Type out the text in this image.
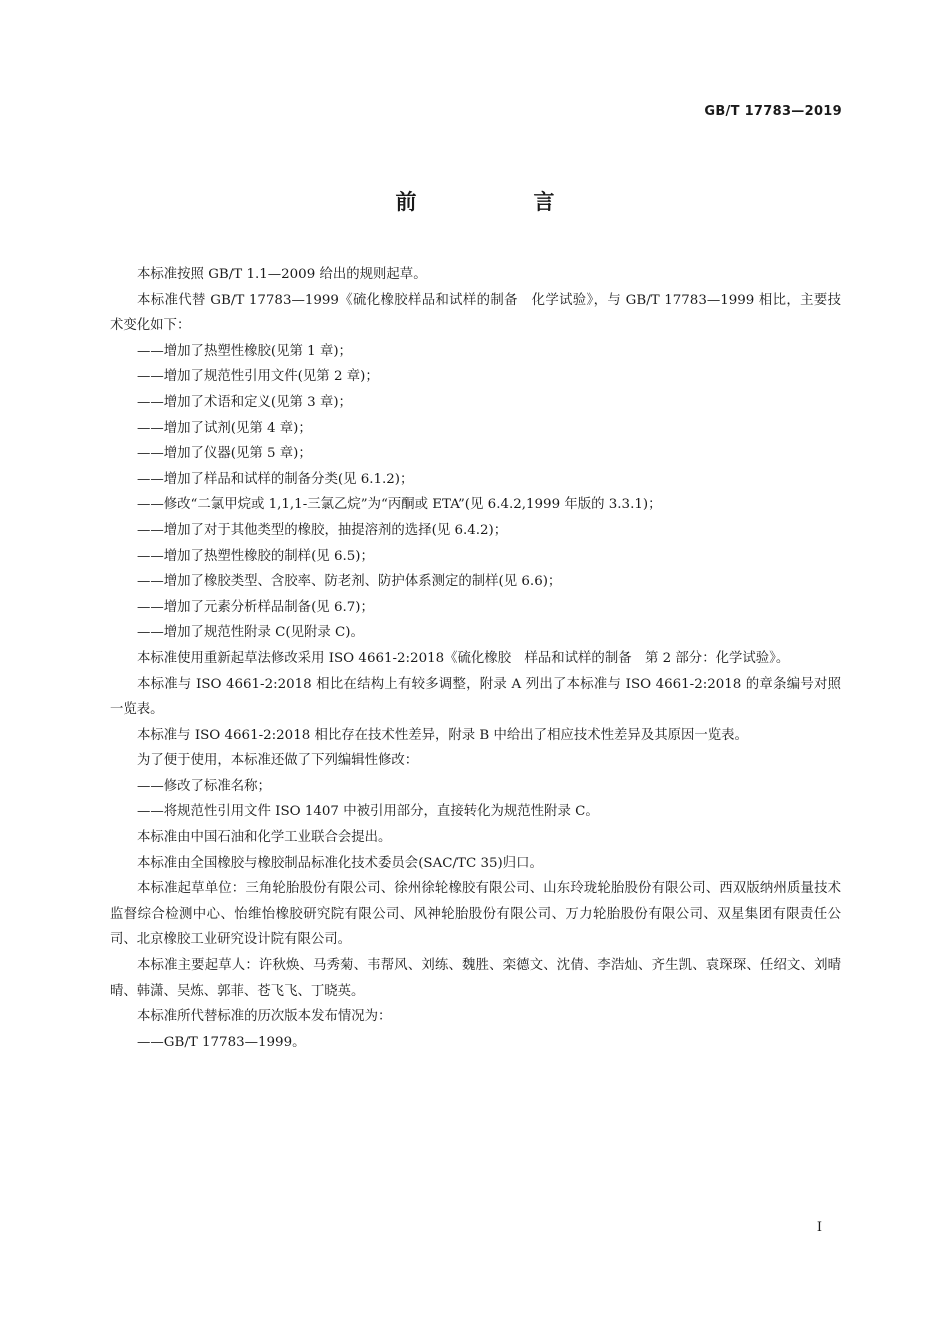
GB/T 17783—2019
前　言
本标准按照 GB/T 1.1—2009 给出的规则起草。
本标准代替 GB/T 17783—1999《硫化橡胶样品和试样的制备　化学试验》，与 GB/T 17783—1999 相比，主要技术变化如下：
——增加了热塑性橡胶(见第 1 章)；
——增加了规范性引用文件(见第 2 章)；
——增加了术语和定义(见第 3 章)；
——增加了试剂(见第 4 章)；
——增加了仪器(见第 5 章)；
——增加了样品和试样的制备分类(见 6.1.2)；
——修改“二氯甲烷或 1,1,1-三氯乙烷”为“丙酮或 ETA”(见 6.4.2,1999 年版的 3.3.1)；
——增加了对于其他类型的橡胶，抽提溶剂的选择(见 6.4.2)；
——增加了热塑性橡胶的制样(见 6.5)；
——增加了橡胶类型、含胶率、防老剂、防护体系测定的制样(见 6.6)；
——增加了元素分析样品制备(见 6.7)；
——增加了规范性附录 C(见附录 C)。
本标准使用重新起草法修改采用 ISO 4661-2:2018《硫化橡胶　样品和试样的制备　第 2 部分：化学试验》。
本标准与 ISO 4661-2:2018 相比在结构上有较多调整，附录 A 列出了本标准与 ISO 4661-2:2018 的章条编号对照一览表。
本标准与 ISO 4661-2:2018 相比存在技术性差异，附录 B 中给出了相应技术性差异及其原因一览表。
为了便于使用，本标准还做了下列编辑性修改：
——修改了标准名称；
——将规范性引用文件 ISO 1407 中被引用部分，直接转化为规范性附录 C。
本标准由中国石油和化学工业联合会提出。
本标准由全国橡胶与橡胶制品标准化技术委员会(SAC/TC 35)归口。
本标准起草单位：三角轮胎股份有限公司、徐州徐轮橡胶有限公司、山东玲珑轮胎股份有限公司、西双版纳州质量技术监督综合检测中心、怡维怡橡胶研究院有限公司、风神轮胎股份有限公司、万力轮胎股份有限公司、双星集团有限责任公司、北京橡胶工业研究设计院有限公司。
本标准主要起草人：许秋焕、马秀菊、韦帮风、刘练、魏胜、栾德文、沈倩、李浩灿、齐生凯、袁琛琛、任绍文、刘晴晴、韩潇、吴炼、郭菲、苍飞飞、丁晓英。
本标准所代替标准的历次版本发布情况为：
——GB/T 17783—1999。
I
